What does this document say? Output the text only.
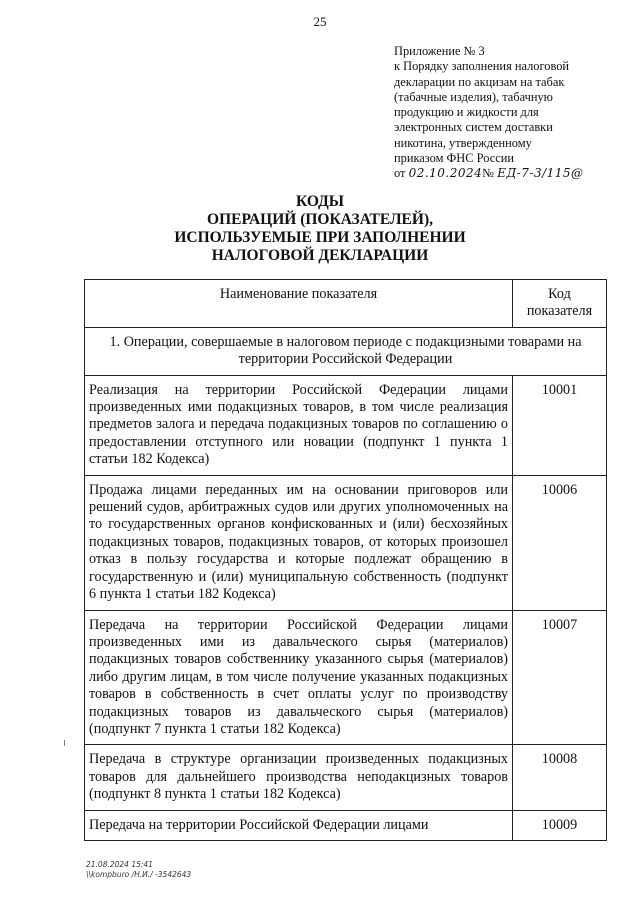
25
Приложение № 3
к Порядку заполнения налоговой
декларации по акцизам на табак
(табачные изделия), табачную
продукцию и жидкости для
электронных систем доставки
никотина, утвержденному
приказом ФНС России
от 02.10.2024№ ЕД-7-3/115@
КОДЫ
ОПЕРАЦИЙ (ПОКАЗАТЕЛЕЙ),
ИСПОЛЬЗУЕМЫЕ ПРИ ЗАПОЛНЕНИИ
НАЛОГОВОЙ ДЕКЛАРАЦИИ
Наименование показателя	Код показателя
1. Операции, совершаемые в налоговом периоде с подакцизными товарами на территории Российской Федерации	
Реализация на территории Российской Федерации лицами произведенных ими подакцизных товаров, в том числе реализация предметов залога и передача подакцизных товаров по соглашению о предоставлении отступного или новации (подпункт 1 пункта 1 статьи 182 Кодекса)	10001
Продажа лицами переданных им на основании приговоров или решений судов, арбитражных судов или других уполномоченных на то государственных органов конфискованных и (или) бесхозяйных подакцизных товаров, подакцизных товаров, от которых произошел отказ в пользу государства и которые подлежат обращению в государственную и (или) муниципальную собственность (подпункт 6 пункта 1 статьи 182 Кодекса)	10006
Передача на территории Российской Федерации лицами произведенных ими из давальческого сырья (материалов) подакцизных товаров собственнику указанного сырья (материалов) либо другим лицам, в том числе получение указанных подакцизных товаров в собственность в счет оплаты услуг по производству подакцизных товаров из давальческого сырья (материалов) (подпункт 7 пункта 1 статьи 182 Кодекса)	10007
Передача в структуре организации произведенных подакцизных товаров для дальнейшего производства неподакцизных товаров (подпункт 8 пункта 1 статьи 182 Кодекса)	10008
Передача на территории Российской Федерации лицами	10009
21.08.2024 15:41
\\kompburo /Н.И./ -3542643
